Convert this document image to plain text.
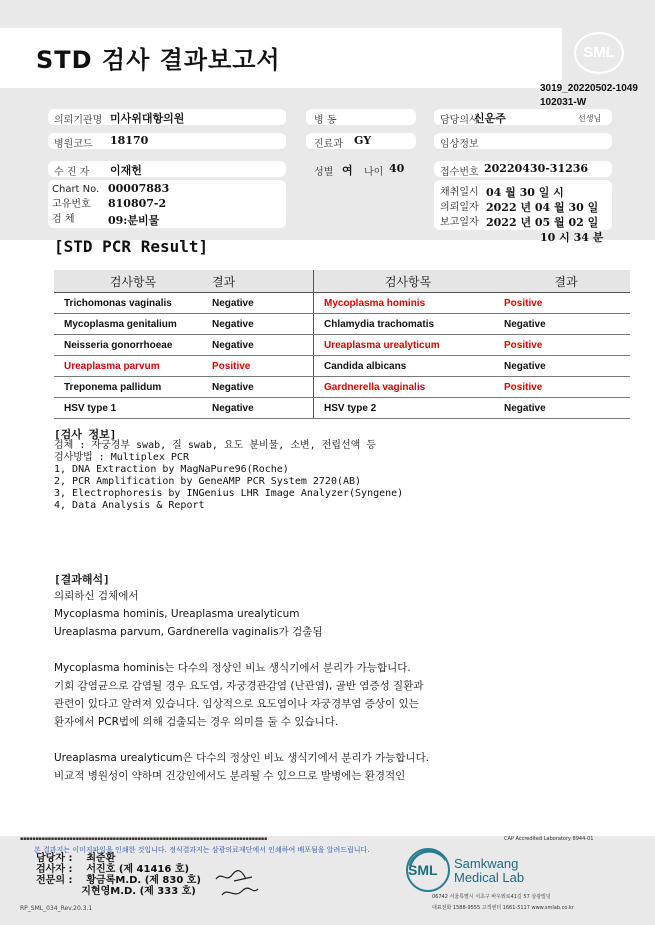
STD 검사 결과보고서	SML
3019_20220502-1049
102031-W
의뢰기관명 미사위대항의원	병 동	담당의사
신운주	선생님
병원코드 18170	진료과 GY	임상정보
수 진 자 이재헌	성별 여 나이 40	접수번호 20220430-31236
Chart No. 00007883
고유번호 810807-2
검 체	09:분비물
채취일시 04 월 30 일 시
의뢰일자 2022 년 04 월 30 일
보고일자 2022 년 05 월 02 일
10 시 34 분
[STD PCR Result]
검사항목	결과	검사항목	결과
Trichomonas vaginalis	Negative	Mycoplasma hominis	Positive
Mycoplasma genitalium	Negative	Chlamydia trachomatis	Negative
Neisseria gonorrhoeae	Negative	Ureaplasma urealyticum	Positive
Ureaplasma parvum	Positive	Candida albicans	Negative
Treponema pallidum	Negative	Gardnerella vaginalis	Positive
HSV type 1	Negative	HSV type 2	Negative
[검사 정보]
검체 : 자궁경부 swab, 질 swab, 요도 분비물, 소변, 전립선액 등
검사방법 : Multiplex PCR
1, DNA Extraction by MagNaPure96(Roche)
2, PCR Amplification by GeneAMP PCR System 2720(AB)
3, Electrophoresis by INGenius LHR Image Analyzer(Syngene)
4, Data Analysis & Report
[결과해석]
의뢰하신 검체에서
Mycoplasma hominis, Ureaplasma urealyticum
Ureaplasma parvum, Gardnerella vaginalis가 검출됨
Mycoplasma hominis는 다수의 정상인 비뇨 생식기에서 분리가 가능합니다.
기회 감염균으로 감염될 경우 요도염, 자궁경관감염 (난관염), 골반 염증성 질환과
관련이 있다고 알려져 있습니다. 임상적으로 요도염이나 자궁경부염 증상이 있는
환자에서 PCR법에 의해 검출되는 경우 의미를 둘 수 있습니다.
Ureaplasma urealyticum은 다수의 정상인 비뇨 생식기에서 분리가 가능합니다.
비교적 병원성이 약하며 건강인에서도 분리될 수 있으므로 발병에는 환경적인
▪▪▪▪▪▪▪▪▪▪▪▪▪▪▪▪▪▪▪▪▪▪▪▪▪▪▪▪▪▪▪▪▪▪▪▪▪▪▪▪▪▪▪▪▪▪▪▪▪▪▪▪▪▪▪▪▪▪▪▪▪▪▪▪▪▪▪▪▪▪▪▪▪▪▪▪▪▪▪▪	CAP Accredited Laboratory 8944-01
본 결과지는 이미지파일을 인쇄한 것입니다. 정식결과지는 삼광의료재단에서 인쇄하여 배포됨을 알려드립니다.
담당자 :    최준환
검사자 :    서진호 (제 41416 호)
전문의 :    황금록M.D. (제 830 호)
지현영M.D. (제 333 호)
SML Samkwang
Medical Lab
06742 서울특별시 서초구 바우뫼로41길 57 삼광빌딩
대표전화 1588-9555 고객센터 1661-5117 www.smlab.co.kr
RP_SML_034_Rev.20.3.1
